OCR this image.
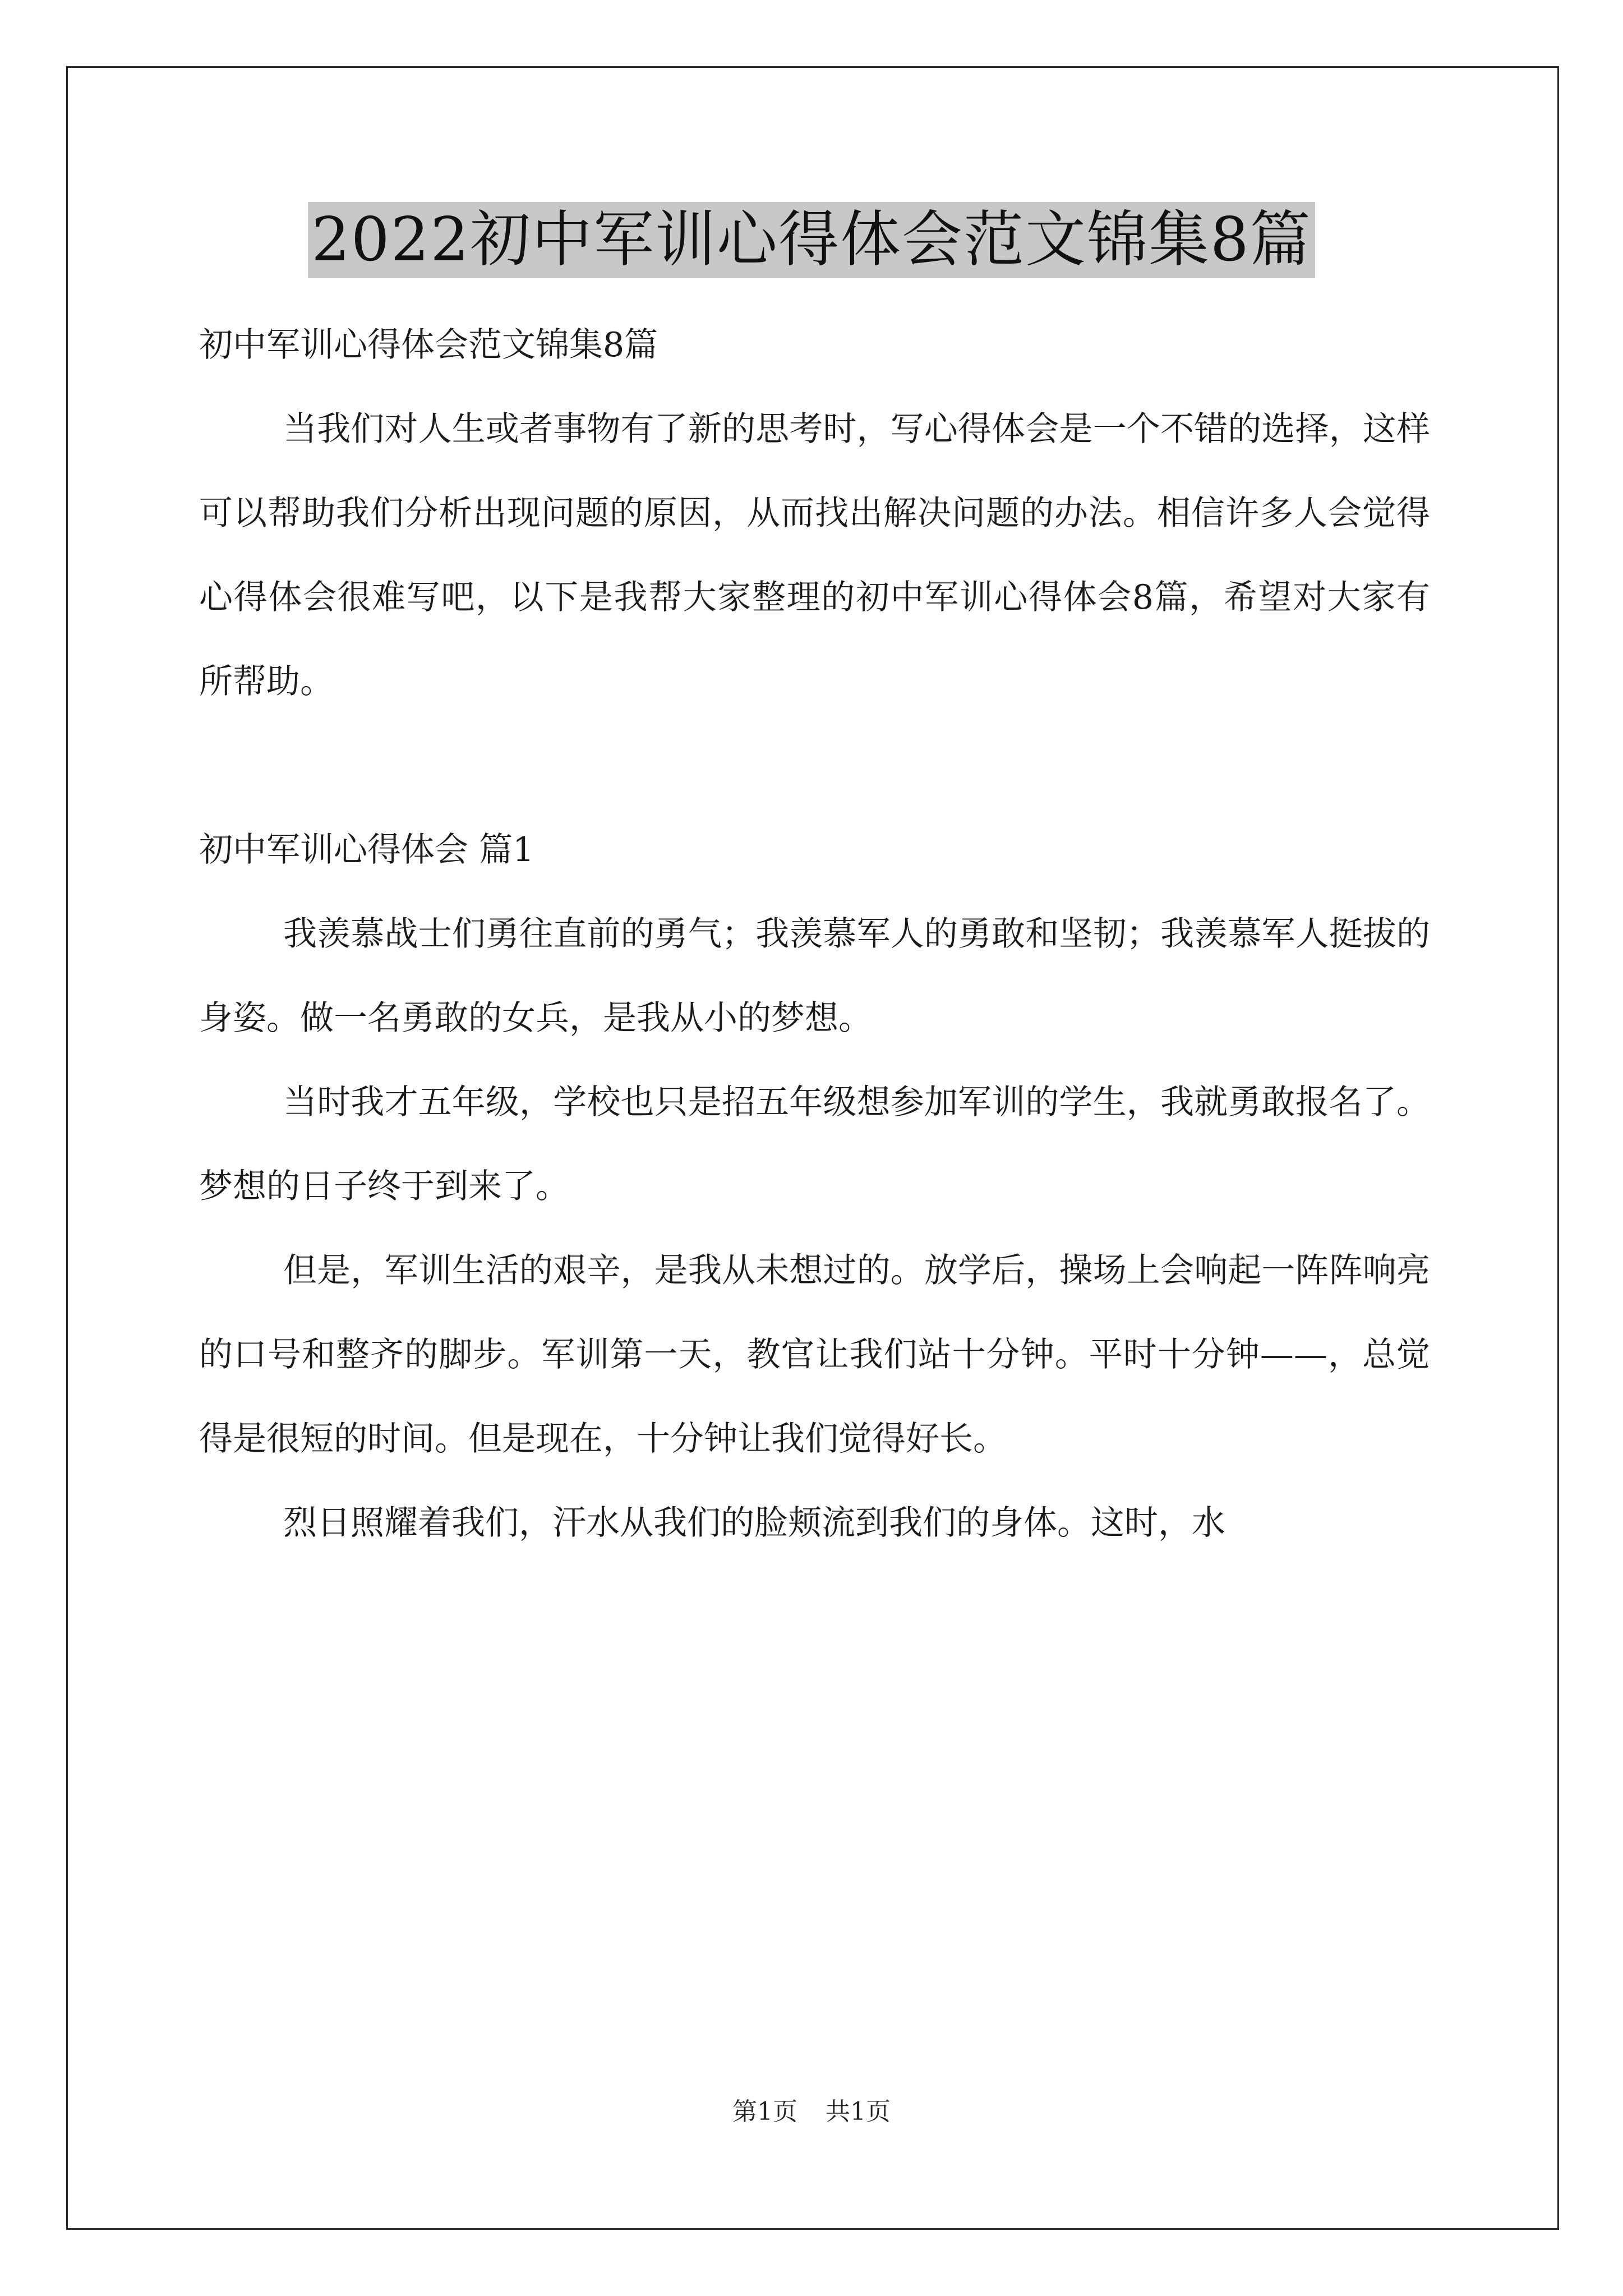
2022初中军训心得体会范文锦集8篇

初中军训心得体会范文锦集8篇

当我们对人生或者事物有了新的思考时，写心得体会是一个不错的选择，这样可以帮助我们分析出现问题的原因，从而找出解决问题的办法。相信许多人会觉得心得体会很难写吧，以下是我帮大家整理的初中军训心得体会8篇，希望对大家有所帮助。

初中军训心得体会 篇1

我羡慕战士们勇往直前的勇气；我羡慕军人的勇敢和坚韧；我羡慕军人挺拔的身姿。做一名勇敢的女兵，是我从小的梦想。

当时我才五年级，学校也只是招五年级想参加军训的学生，我就勇敢报名了。梦想的日子终于到来了。

但是，军训生活的艰辛，是我从未想过的。放学后，操场上会响起一阵阵响亮的口号和整齐的脚步。军训第一天，教官让我们站十分钟。平时十分钟——，总觉得是很短的时间。但是现在，十分钟让我们觉得好长。

烈日照耀着我们，汗水从我们的脸颊流到我们的身体。这时，水

第1页 共1页
